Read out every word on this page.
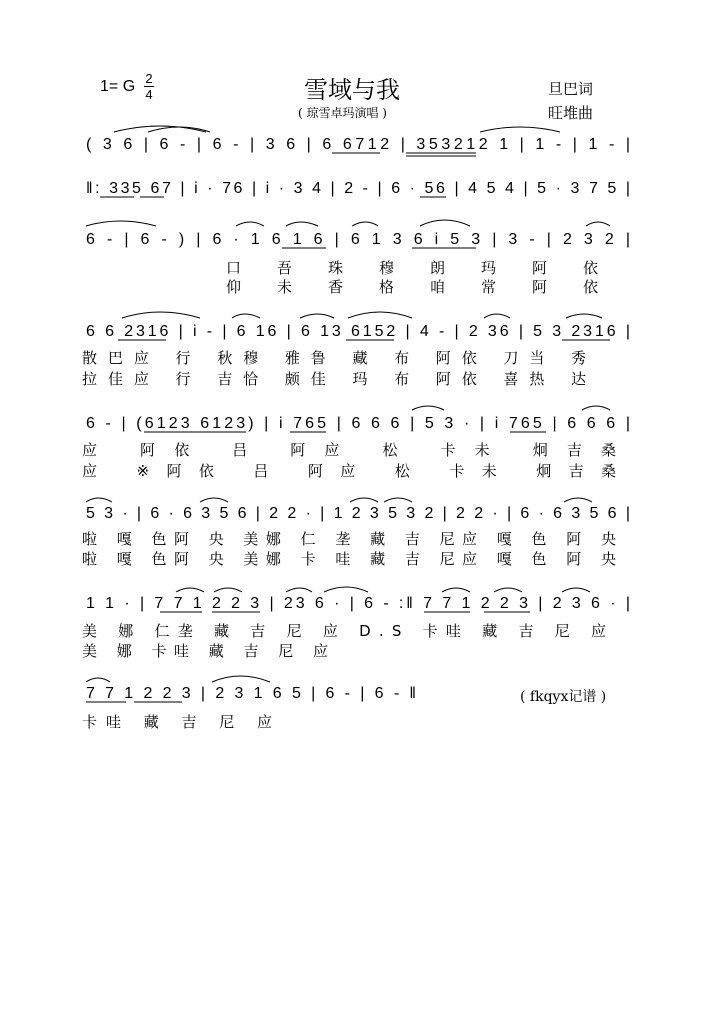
1= G 2
4	雪域与我
( 琼雪卓玛演唱 )
旦巴词
旺堆曲
( fkqyx记谱 )
( 3 6 | 6 - | 6 - | 3 6 | 6 6712 | 353212 1 | 1 - | 1 - |
‖: 335 67 | i · 76 | i · 3 4 | 2 - | 6 · 56 | 4 5 4 | 5 · 3 7 5 |
6 - | 6 - ) | 6 · 1 6 1 6 | 6 1 3 6 i 5 3 | 3 - | 2 3 2 |
口 吾 珠 穆 朗 玛 阿 依
仰 未 香 格 咱 常 阿 依
6 6 2316 | i - | 6 16 | 6 13 6152 | 4 - | 2 36 | 5 3 2316 |
散巴应 行 秋穆 雅鲁 藏 布 阿依 刀当 秀
拉佳应 行 吉恰 颇佳 玛 布 阿依 喜热 达
6 - | (6123 6123) | i 765 | 6 6 6 | 5 3 · | i 765 | 6 6 6 |
应 阿依 吕 阿应 松 卡未 炯吉桑
应 ※阿依 吕 阿应 松 卡未 炯吉桑
5 3 · | 6 · 6 3 5 6 | 2 2 · | 1 2 3 5 3 2 | 2 2 · | 6 · 6 3 5 6 |
啦 嘎 色阿 央 美娜 仁 垄 藏 吉 尼应 嘎 色 阿 央
啦 嘎 色阿 央 美娜 卡 哇 藏 吉 尼应 嘎 色 阿 央
1 1 · | 7 7 1 2 2 3 | 23 6 · | 6 - :‖ 7 7 1 2 2 3 | 2 3 6 · |
美 娜 仁垄 藏 吉 尼 应 D.S 卡哇 藏 吉 尼 应
美 娜 卡哇 藏 吉 尼 应
7 7 1 2 2 3 | 2 3 1 6 5 | 6 - | 6 - ‖
卡哇 藏 吉 尼 应
